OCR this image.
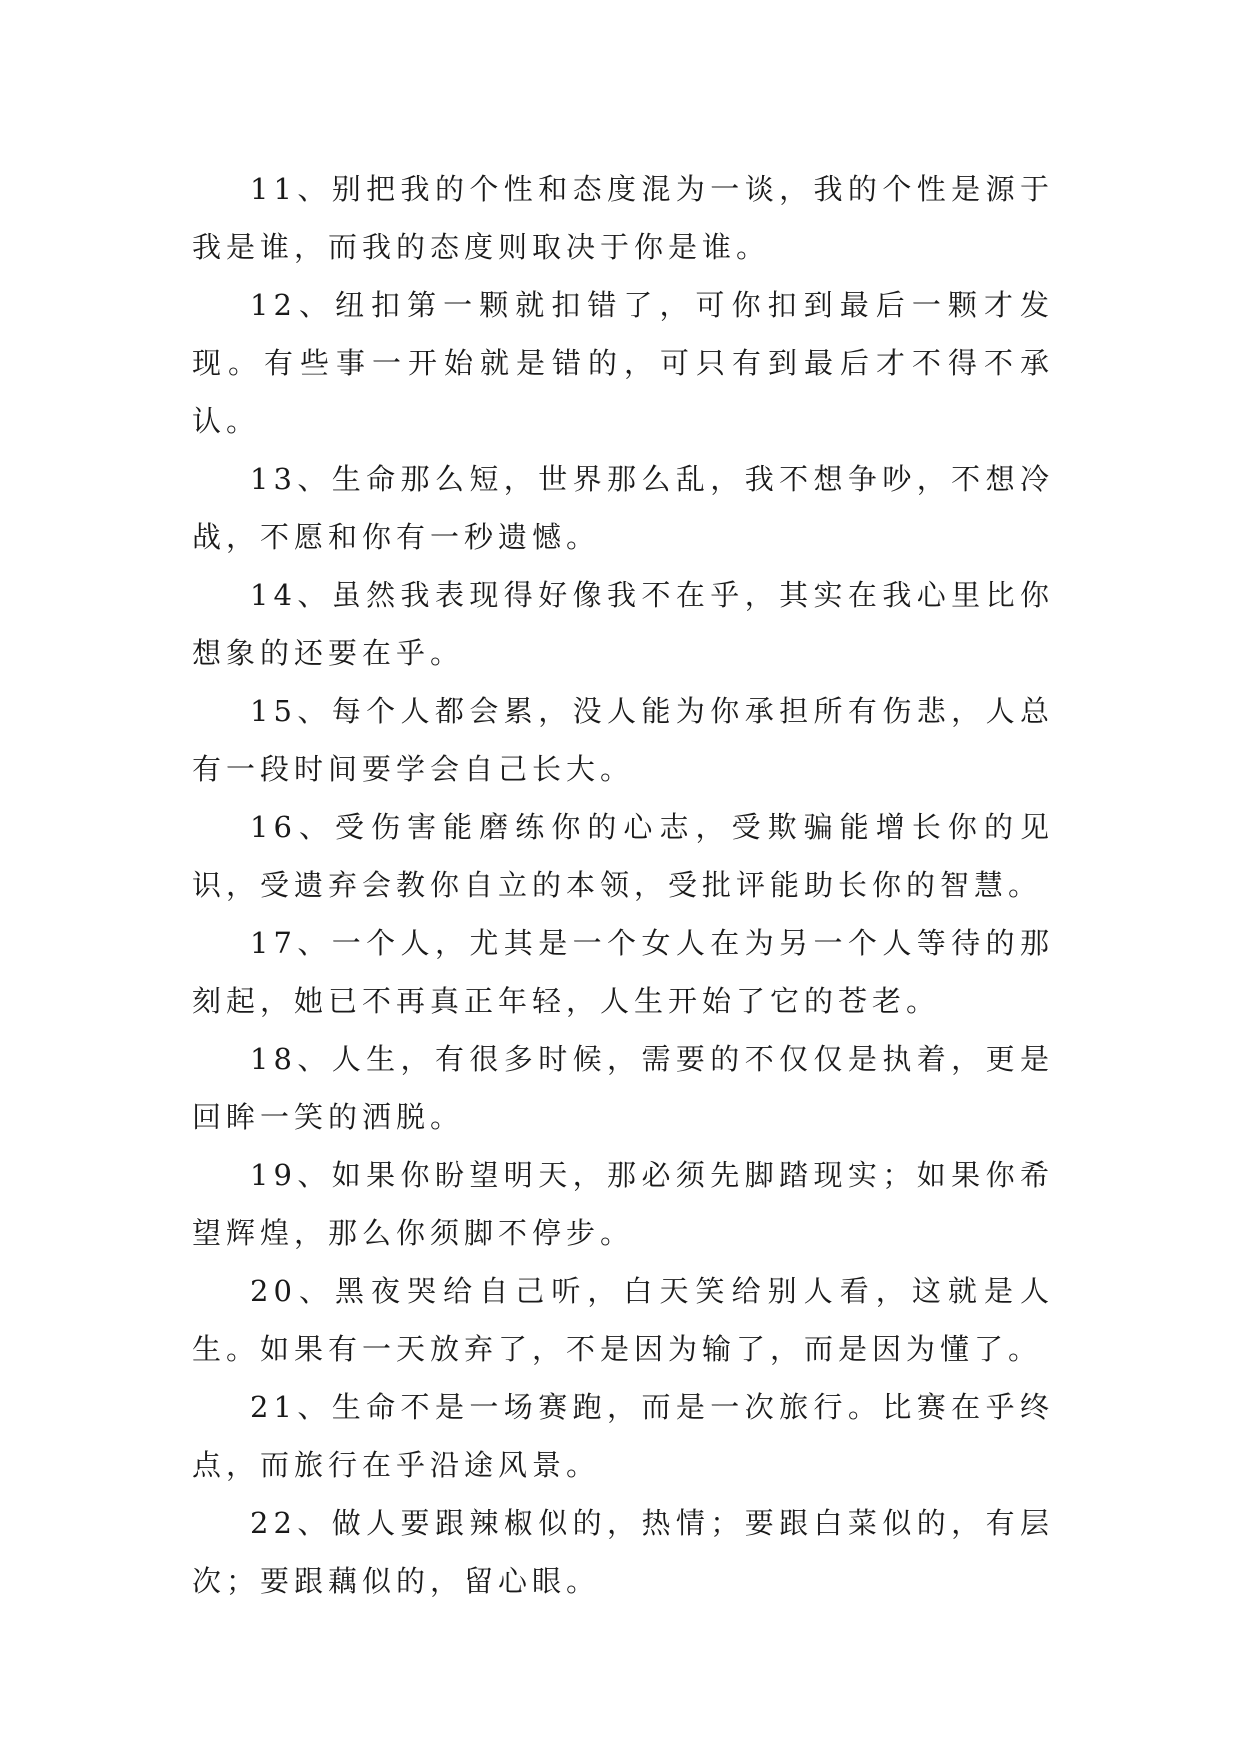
11、别把我的个性和态度混为一谈，我的个性是源于我是谁，而我的态度则取决于你是谁。

12、纽扣第一颗就扣错了，可你扣到最后一颗才发现。有些事一开始就是错的，可只有到最后才不得不承认。

13、生命那么短，世界那么乱，我不想争吵，不想冷战，不愿和你有一秒遗憾。

14、虽然我表现得好像我不在乎，其实在我心里比你想象的还要在乎。

15、每个人都会累，没人能为你承担所有伤悲，人总有一段时间要学会自己长大。

16、受伤害能磨练你的心志，受欺骗能增长你的见识，受遗弃会教你自立的本领，受批评能助长你的智慧。

17、一个人，尤其是一个女人在为另一个人等待的那刻起，她已不再真正年轻，人生开始了它的苍老。

18、人生，有很多时候，需要的不仅仅是执着，更是回眸一笑的洒脱。

19、如果你盼望明天，那必须先脚踏现实；如果你希望辉煌，那么你须脚不停步。

20、黑夜哭给自己听，白天笑给别人看，这就是人生。如果有一天放弃了，不是因为输了，而是因为懂了。

21、生命不是一场赛跑，而是一次旅行。比赛在乎终点，而旅行在乎沿途风景。

22、做人要跟辣椒似的，热情；要跟白菜似的，有层次；要跟藕似的，留心眼。
